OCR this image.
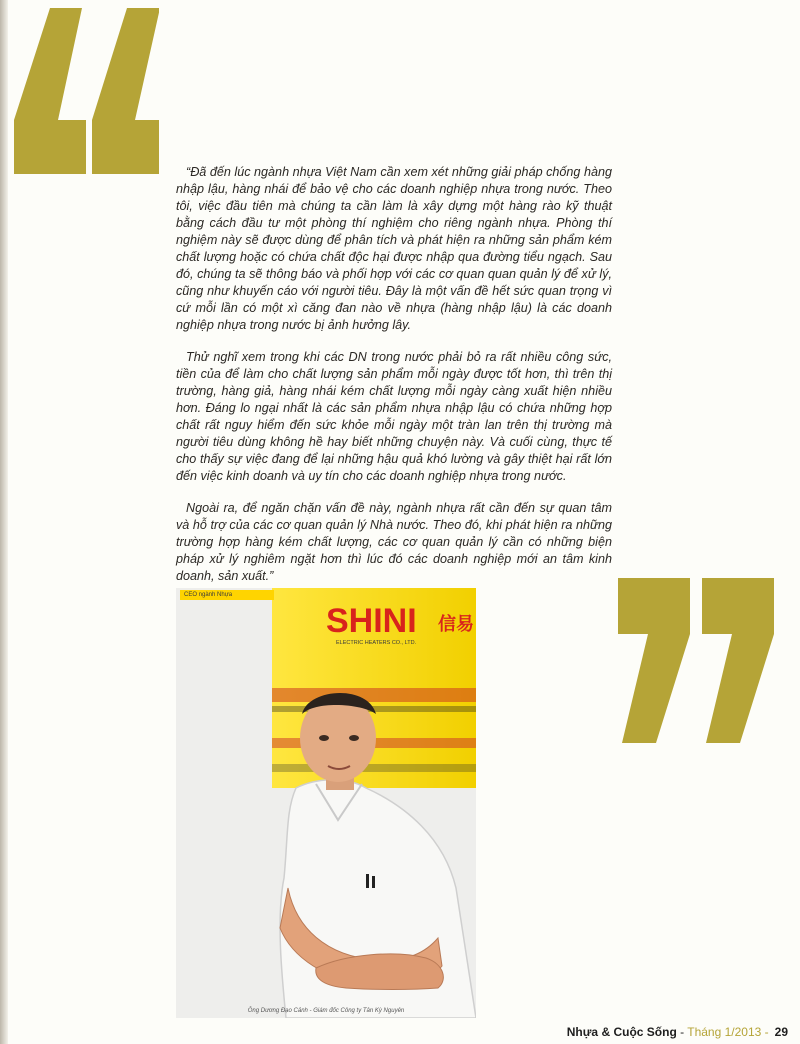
“Đã đến lúc ngành nhựa Việt Nam cần xem xét những giải pháp chống hàng nhập lậu, hàng nhái để bảo vệ cho các doanh nghiệp nhựa trong nước. Theo tôi, việc đầu tiên mà chúng ta cần làm là xây dựng một hàng rào kỹ thuật bằng cách đầu tư một phòng thí nghiệm cho riêng ngành nhựa. Phòng thí nghiệm này sẽ được dùng để phân tích và phát hiện ra những sản phẩm kém chất lượng hoặc có chứa chất độc hại được nhập qua đường tiểu ngạch. Sau đó, chúng ta sẽ thông báo và phối hợp với các cơ quan quan quản lý để xử lý, cũng như khuyến cáo với người tiêu. Đây là một vấn đề hết sức quan trọng vì cứ mỗi lần có một xì căng đan nào về nhựa (hàng nhập lậu) là các doanh nghiệp nhựa trong nước bị ảnh hưởng lây.

Thử nghĩ xem trong khi các DN trong nước phải bỏ ra rất nhiều công sức, tiền của để làm cho chất lượng sản phẩm mỗi ngày được tốt hơn, thì trên thị trường, hàng giả, hàng nhái kém chất lượng mỗi ngày càng xuất hiện nhiều hơn. Đáng lo ngại nhất là các sản phẩm nhựa nhập lậu có chứa những hợp chất rất nguy hiểm đến sức khỏe mỗi ngày một tràn lan trên thị trường mà người tiêu dùng không hề hay biết những chuyện này. Và cuối cùng, thực tế cho thấy sự việc đang để lại những hậu quả khó lường và gây thiệt hại rất lớn đến việc kinh doanh và uy tín cho các doanh nghiệp nhựa trong nước.

Ngoài ra, để ngăn chặn vấn đề này, ngành nhựa rất cần đến sự quan tâm và hỗ trợ của các cơ quan quản lý Nhà nước. Theo đó, khi phát hiện ra những trường hợp hàng kém chất lượng, các cơ quan quản lý cần có những biện pháp xử lý nghiêm ngặt hơn thì lúc đó các doanh nghiệp mới an tâm kinh doanh, sản xuất.”

SHINI 信易
ELECTRIC HEATERS CO., LTD.
CEO ngành Nhựa
Ông Dương Đạo Cảnh - Giám đốc Công ty Tân Kỳ Nguyên
Nhựa & Cuộc Sống - Tháng 1/2013 - 29
